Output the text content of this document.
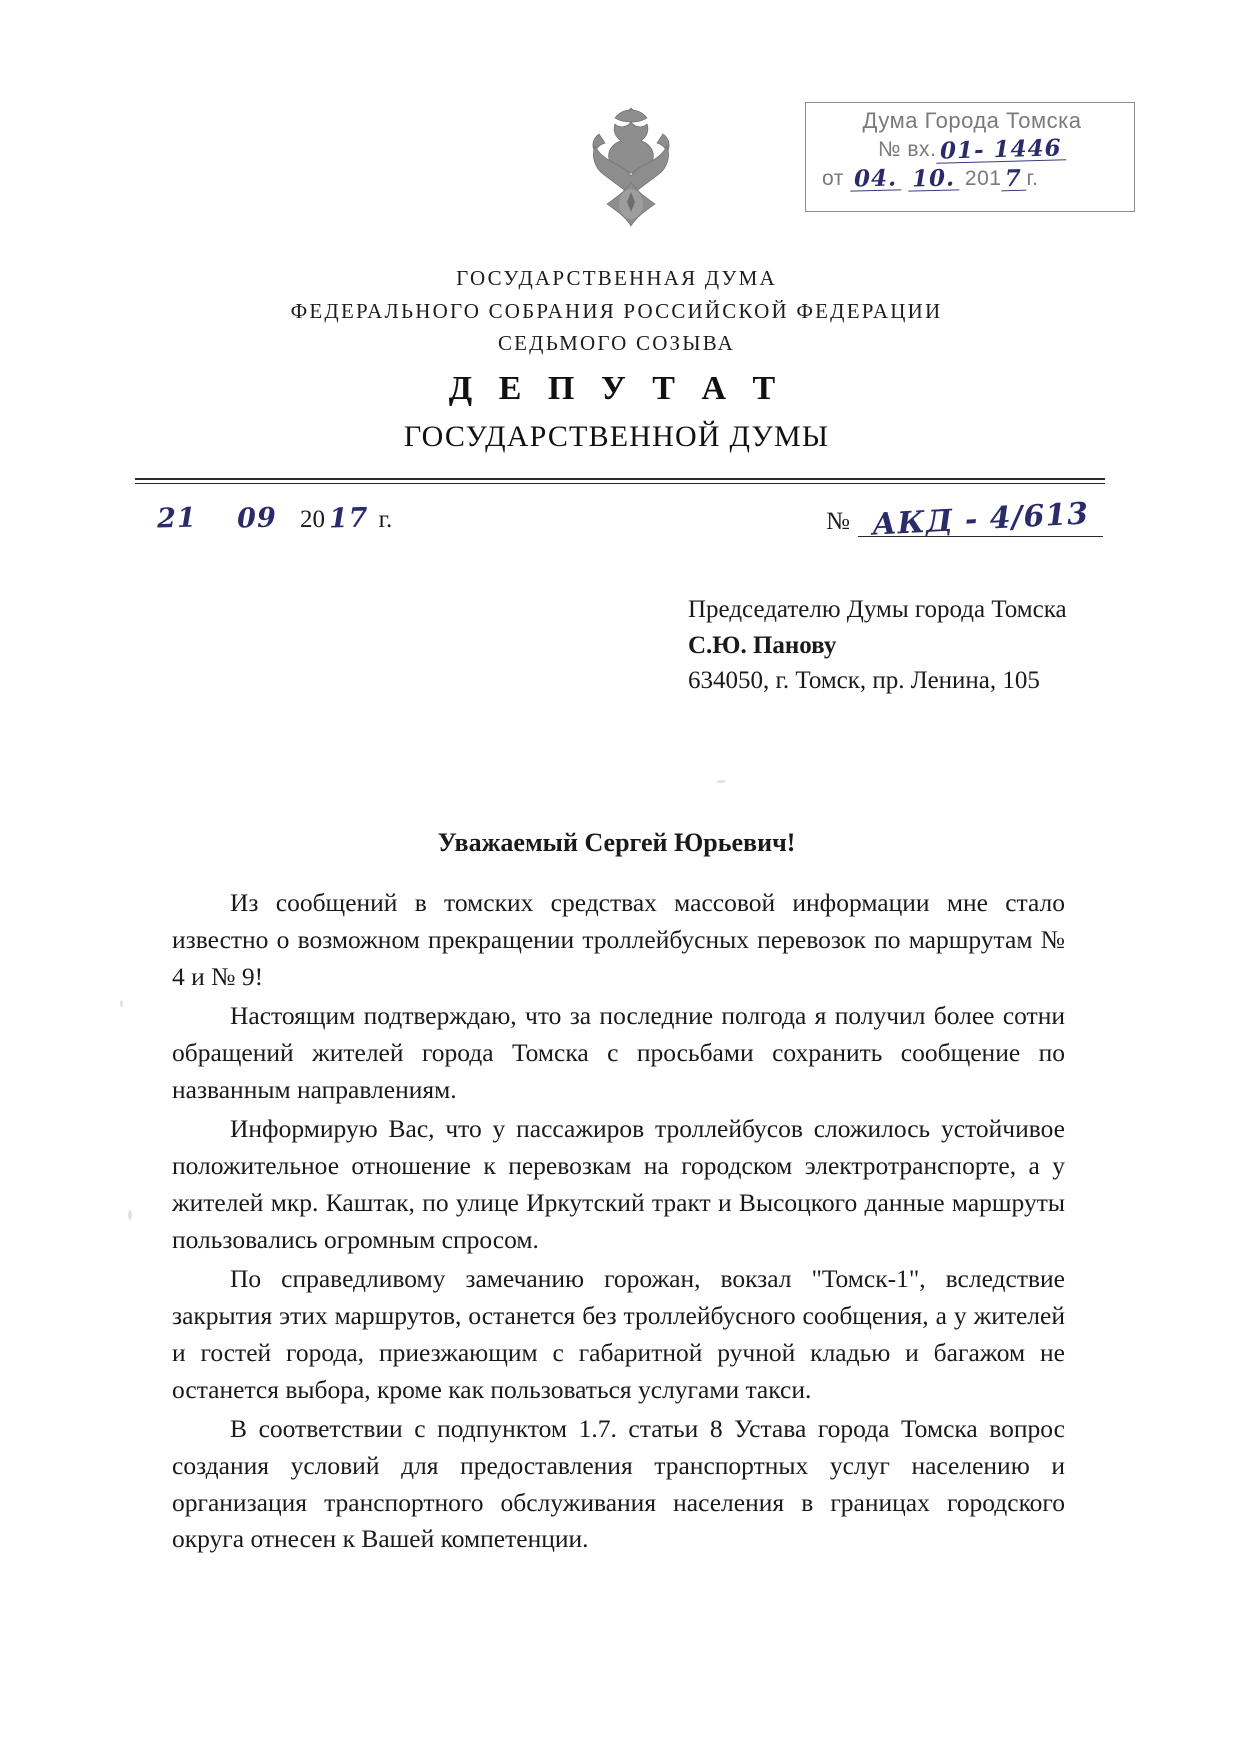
Дума Города Томска
№ вх. 01- 1446
от
04.
10.
201 7 г.
ГОСУДАРСТВЕННАЯ ДУМА
ФЕДЕРАЛЬНОГО СОБРАНИЯ РОССИЙСКОЙ ФЕДЕРАЦИИ
СЕДЬМОГО СОЗЫВА
Д Е П У Т А Т
ГОСУДАРСТВЕННОЙ ДУМЫ
21	09 20 17 г.	№ АКД - 4/613
Председателю Думы города Томска
С.Ю. Панову
634050, г. Томск, пр. Ленина, 105
Уважаемый Сергей Юрьевич!

Из сообщений в томских средствах массовой информации мне стало известно о возможном прекращении троллейбусных перевозок по маршрутам № 4 и № 9!

Настоящим подтверждаю, что за последние полгода я получил более сотни обращений жителей города Томска с просьбами сохранить сообщение по названным направлениям.

Информирую Вас, что у пассажиров троллейбусов сложилось устойчивое положительное отношение к перевозкам на городском электротранспорте, а у жителей мкр. Каштак, по улице Иркутский тракт и Высоцкого данные маршруты пользовались огромным спросом.

По справедливому замечанию горожан, вокзал "Томск-1", вследствие закрытия этих маршрутов, останется без троллейбусного сообщения, а у жителей и гостей города, приезжающим с габаритной ручной кладью и багажом не останется выбора, кроме как пользоваться услугами такси.

В соответствии с подпунктом 1.7. статьи 8 Устава города Томска вопрос создания условий для предоставления транспортных услуг населению и организация транспортного обслуживания населения в границах городского округа отнесен к Вашей компетенции.
